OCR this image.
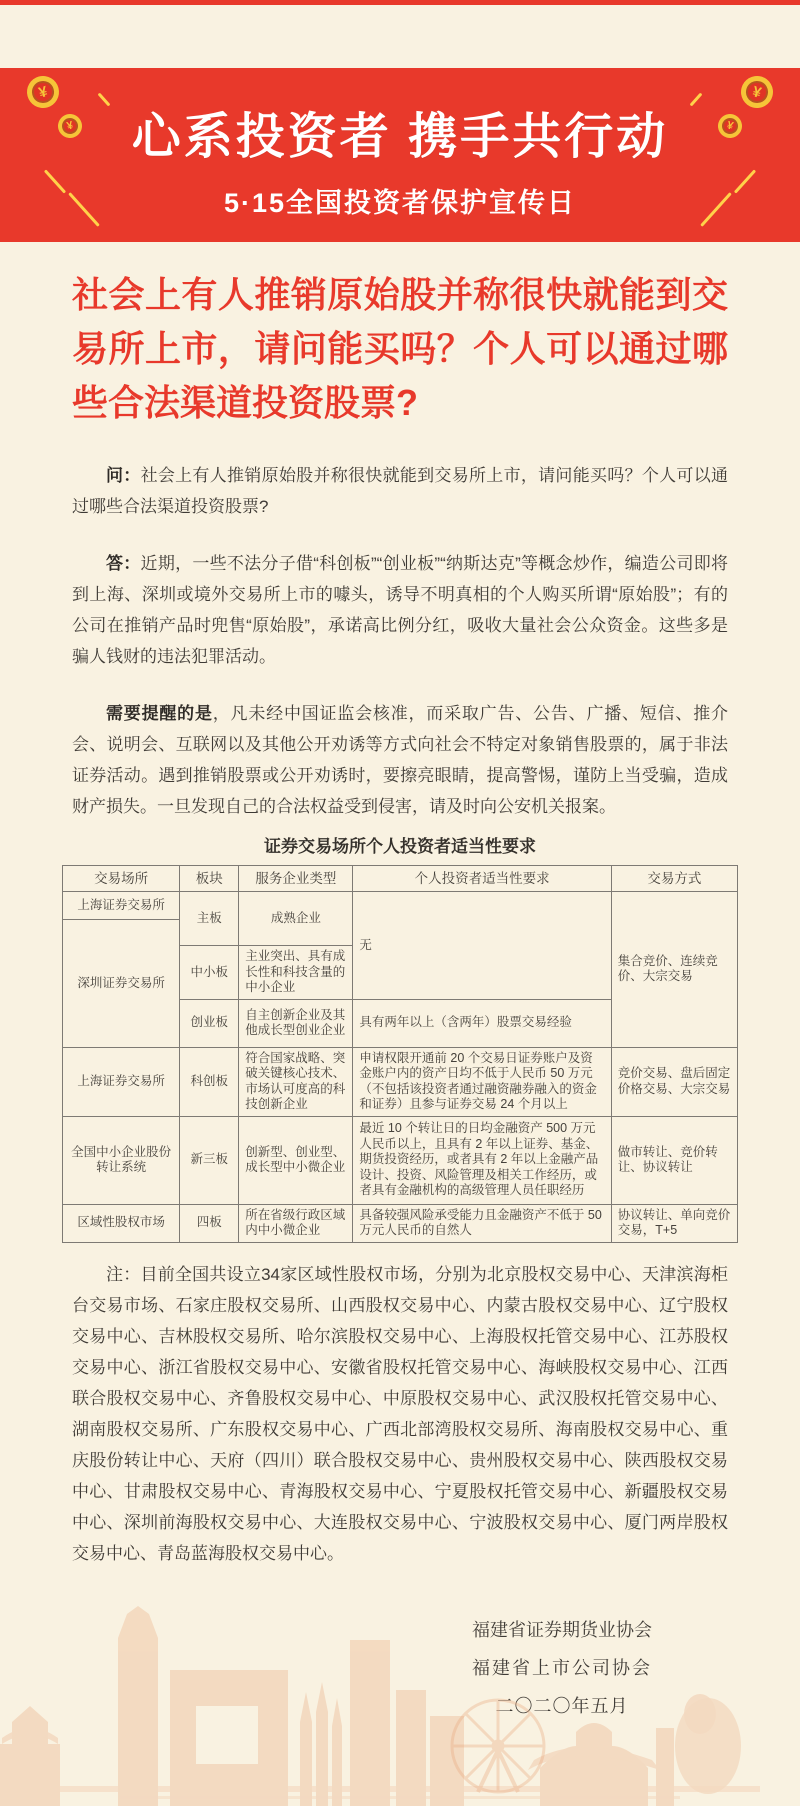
¥
¥
¥
¥
心系投资者 携手共行动
5·15全国投资者保护宣传日
社会上有人推销原始股并称很快就能到交易所上市，请问能买吗？个人可以通过哪些合法渠道投资股票?

问：社会上有人推销原始股并称很快就能到交易所上市，请问能买吗？个人可以通过哪些合法渠道投资股票?

答：近期，一些不法分子借“科创板”“创业板”“纳斯达克”等概念炒作，编造公司即将到上海、深圳或境外交易所上市的噱头，诱导不明真相的个人购买所谓“原始股”；有的公司在推销产品时兜售“原始股”，承诺高比例分红，吸收大量社会公众资金。这些多是骗人钱财的违法犯罪活动。

需要提醒的是，凡未经中国证监会核准，而采取广告、公告、广播、短信、推介会、说明会、互联网以及其他公开劝诱等方式向社会不特定对象销售股票的，属于非法证券活动。遇到推销股票或公开劝诱时，要擦亮眼睛，提高警惕，谨防上当受骗，造成财产损失。一旦发现自己的合法权益受到侵害，请及时向公安机关报案。

证券交易场所个人投资者适当性要求
交易场所	板块	服务企业类型	个人投资者适当性要求	交易方式
上海证券交易所	主板	成熟企业	无	集合竞价、连续竞价、大宗交易
深圳证券交易所				
	中小板	主业突出、具有成长性和科技含量的中小企业		
	创业板	自主创新企业及其他成长型创业企业	具有两年以上（含两年）股票交易经验	
上海证券交易所	科创板	符合国家战略、突破关键核心技术、市场认可度高的科技创新企业	申请权限开通前 20 个交易日证券账户及资金账户内的资产日均不低于人民币 50 万元（不包括该投资者通过融资融券融入的资金和证券）且参与证券交易 24 个月以上	竞价交易、盘后固定价格交易、大宗交易
全国中小企业股份转让系统	新三板	创新型、创业型、成长型中小微企业	最近 10 个转让日的日均金融资产 500 万元人民币以上，且具有 2 年以上证券、基金、期货投资经历，或者具有 2 年以上金融产品设计、投资、风险管理及相关工作经历，或者具有金融机构的高级管理人员任职经历	做市转让、竞价转让、协议转让
区域性股权市场	四板	所在省级行政区域内中小微企业	具备较强风险承受能力且金融资产不低于 50 万元人民币的自然人	协议转让、单向竞价交易，T+5

注：目前全国共设立34家区域性股权市场，分别为北京股权交易中心、天津滨海柜台交易市场、石家庄股权交易所、山西股权交易中心、内蒙古股权交易中心、辽宁股权交易中心、吉林股权交易所、哈尔滨股权交易中心、上海股权托管交易中心、江苏股权交易中心、浙江省股权交易中心、安徽省股权托管交易中心、海峡股权交易中心、江西联合股权交易中心、齐鲁股权交易中心、中原股权交易中心、武汉股权托管交易中心、湖南股权交易所、广东股权交易中心、广西北部湾股权交易所、海南股权交易中心、重庆股份转让中心、天府（四川）联合股权交易中心、贵州股权交易中心、陕西股权交易中心、甘肃股权交易中心、青海股权交易中心、宁夏股权托管交易中心、新疆股权交易中心、深圳前海股权交易中心、大连股权交易中心、宁波股权交易中心、厦门两岸股权交易中心、青岛蓝海股权交易中心。

福建省证券期货业协会
福建省上市公司协会
二〇二〇年五月
